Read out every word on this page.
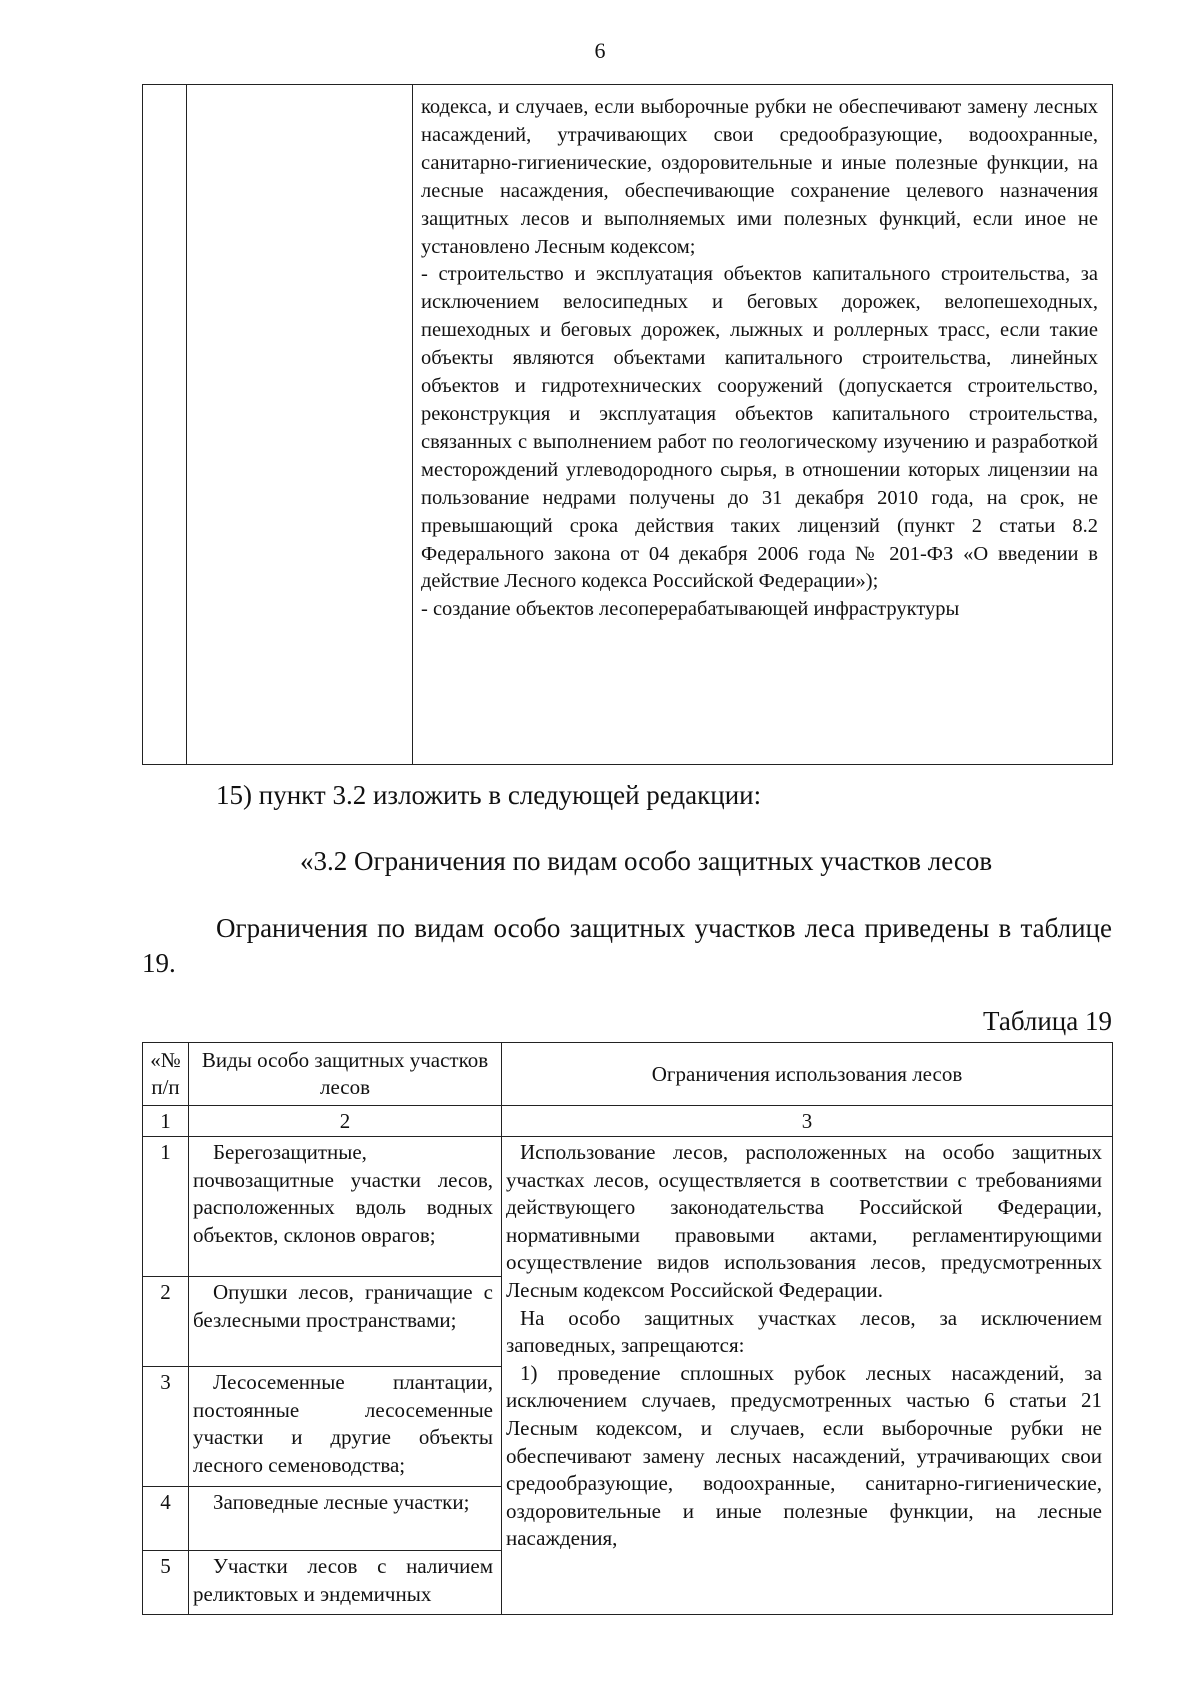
6

кодекса, и случаев, если выборочные рубки не обеспечивают замену лесных насаждений, утрачивающих свои средообразующие, водоохранные, санитарно-гигиенические, оздоровительные и иные полезные функции, на лесные насаждения, обеспечивающие сохранение целевого назначения защитных лесов и выполняемых ими полезных функций, если иное не установлено Лесным кодексом;

- строительство и эксплуатация объектов капитального строительства, за исключением велосипедных и беговых дорожек, велопешеходных, пешеходных и беговых дорожек, лыжных и роллерных трасс, если такие объекты являются объектами капитального строительства, линейных объектов и гидротехнических сооружений (допускается строительство, реконструкция и эксплуатация объектов капитального строительства, связанных с выполнением работ по геологическому изучению и разработкой месторождений углеводородного сырья, в отношении которых лицензии на пользование недрами получены до 31 декабря 2010 года, на срок, не превышающий срока действия таких лицензий (пункт 2 статьи 8.2 Федерального закона от 04 декабря 2006 года № 201-ФЗ «О введении в действие Лесного кодекса Российской Федерации»);

- создание объектов лесоперерабатывающей инфраструктуры

15) пункт 3.2 изложить в следующей редакции:
«3.2 Ограничения по видам особо защитных участков лесов
Ограничения по видам особо защитных участков леса приведены в таблице 19.
Таблица 19
«№ п/п	Виды особо защитных участков лесов	Ограничения использования лесов
1	2	3
1	Берегозащитные, почвозащитные участки лесов, расположенных вдоль водных объектов, склонов оврагов;	Использование лесов, расположенных на особо защитных участках лесов, осуществляется в соответствии с требованиями действующего законодательства Российской Федерации, нормативными правовыми актами, регламентирующими осуществление видов использования лесов, предусмотренных Лесным кодексом Российской Федерации.

На особо защитных участках лесов, за исключением заповедных, запрещаются:

1) проведение сплошных рубок лесных насаждений, за исключением случаев, предусмотренных частью 6 статьи 21 Лесным кодексом, и случаев, если выборочные рубки не обеспечивают замену лесных насаждений, утрачивающих свои средообразующие, водоохранные, санитарно-гигиенические, оздоровительные и иные полезные функции, на лесные насаждения,

2	Опушки лесов, граничащие с безлесными пространствами;	
3	Лесосеменные плантации, постоянные лесосеменные участки и другие объекты лесного семеноводства;	
4	Заповедные лесные участки;	
5	Участки лесов с наличием реликтовых и эндемичных	
